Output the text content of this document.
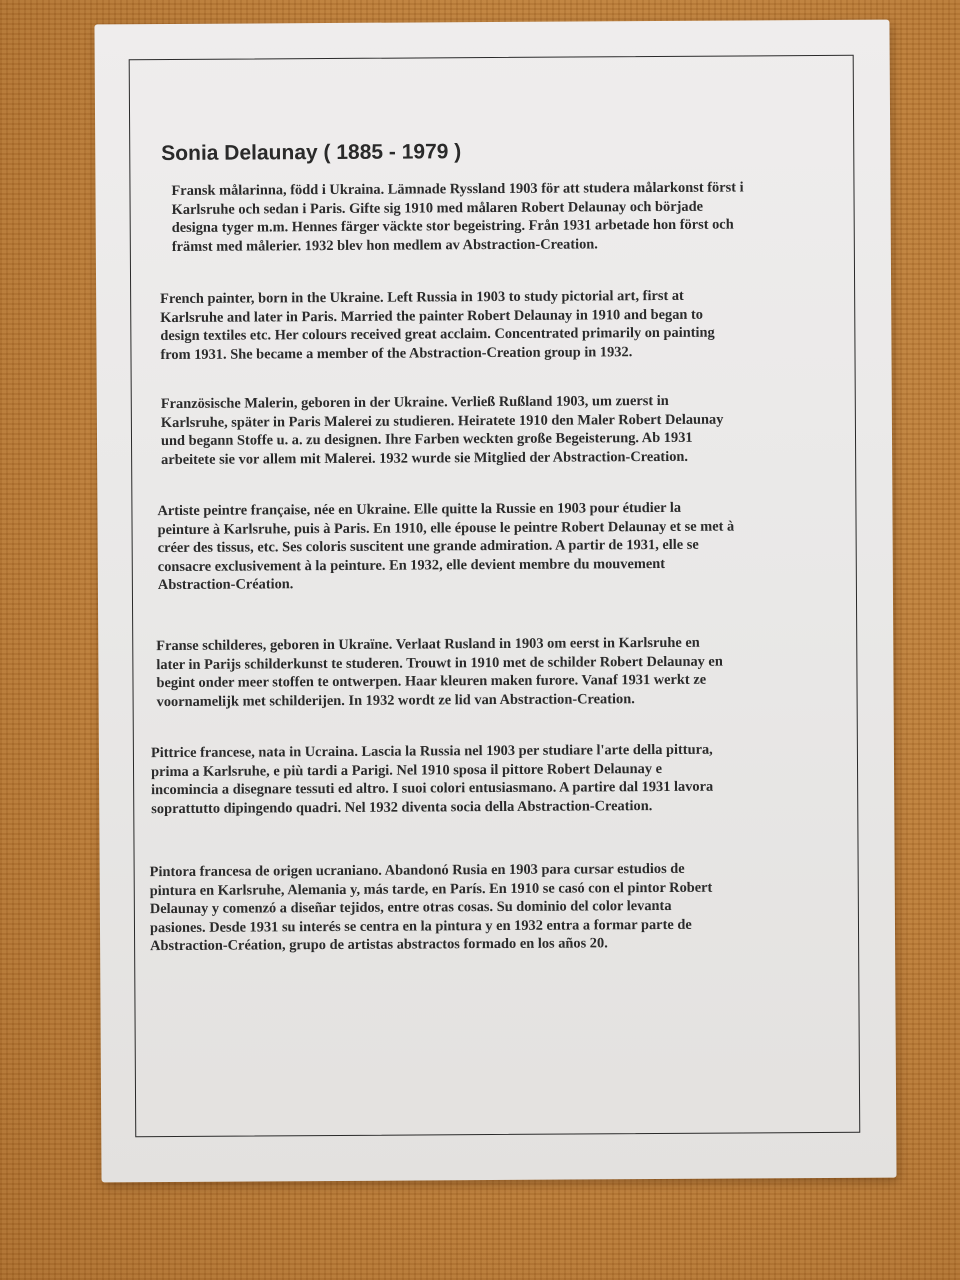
Sonia Delaunay ( 1885 - 1979 )
Fransk målarinna, född i Ukraina. Lämnade Ryssland 1903 för att studera målarkonst först i
Karlsruhe och sedan i Paris. Gifte sig 1910 med målaren Robert Delaunay och började
designa tyger m.m. Hennes färger väckte stor begeistring. Från 1931 arbetade hon först och
främst med målerier. 1932 blev hon medlem av Abstraction-Creation.
French painter, born in the Ukraine. Left Russia in 1903 to study pictorial art, first at
Karlsruhe and later in Paris. Married the painter Robert Delaunay in 1910 and began to
design textiles etc. Her colours received great acclaim. Concentrated primarily on painting
from 1931. She became a member of the Abstraction-Creation group in 1932.
Französische Malerin, geboren in der Ukraine. Verließ Rußland 1903, um zuerst in
Karlsruhe, später in Paris Malerei zu studieren. Heiratete 1910 den Maler Robert Delaunay
und begann Stoffe u. a. zu designen. Ihre Farben weckten große Begeisterung. Ab 1931
arbeitete sie vor allem mit Malerei. 1932 wurde sie Mitglied der Abstraction-Creation.
Artiste peintre française, née en Ukraine. Elle quitte la Russie en 1903 pour étudier la
peinture à Karlsruhe, puis à Paris. En 1910, elle épouse le peintre Robert Delaunay et se met à
créer des tissus, etc. Ses coloris suscitent une grande admiration. A partir de 1931, elle se
consacre exclusivement à la peinture. En 1932, elle devient membre du mouvement
Abstraction-Création.
Franse schilderes, geboren in Ukraïne. Verlaat Rusland in 1903 om eerst in Karlsruhe en
later in Parijs schilderkunst te studeren. Trouwt in 1910 met de schilder Robert Delaunay en
begint onder meer stoffen te ontwerpen. Haar kleuren maken furore. Vanaf 1931 werkt ze
voornamelijk met schilderijen. In 1932 wordt ze lid van Abstraction-Creation.
Pittrice francese, nata in Ucraina. Lascia la Russia nel 1903 per studiare l'arte della pittura,
prima a Karlsruhe, e più tardi a Parigi. Nel 1910 sposa il pittore Robert Delaunay e
incomincia a disegnare tessuti ed altro. I suoi colori entusiasmano. A partire dal 1931 lavora
soprattutto dipingendo quadri. Nel 1932 diventa socia della Abstraction-Creation.
Pintora francesa de origen ucraniano. Abandonó Rusia en 1903 para cursar estudios de
pintura en Karlsruhe, Alemania y, más tarde, en París. En 1910 se casó con el pintor Robert
Delaunay y comenzó a diseñar tejidos, entre otras cosas. Su dominio del color levanta
pasiones. Desde 1931 su interés se centra en la pintura y en 1932 entra a formar parte de
Abstraction-Création, grupo de artistas abstractos formado en los años 20.
